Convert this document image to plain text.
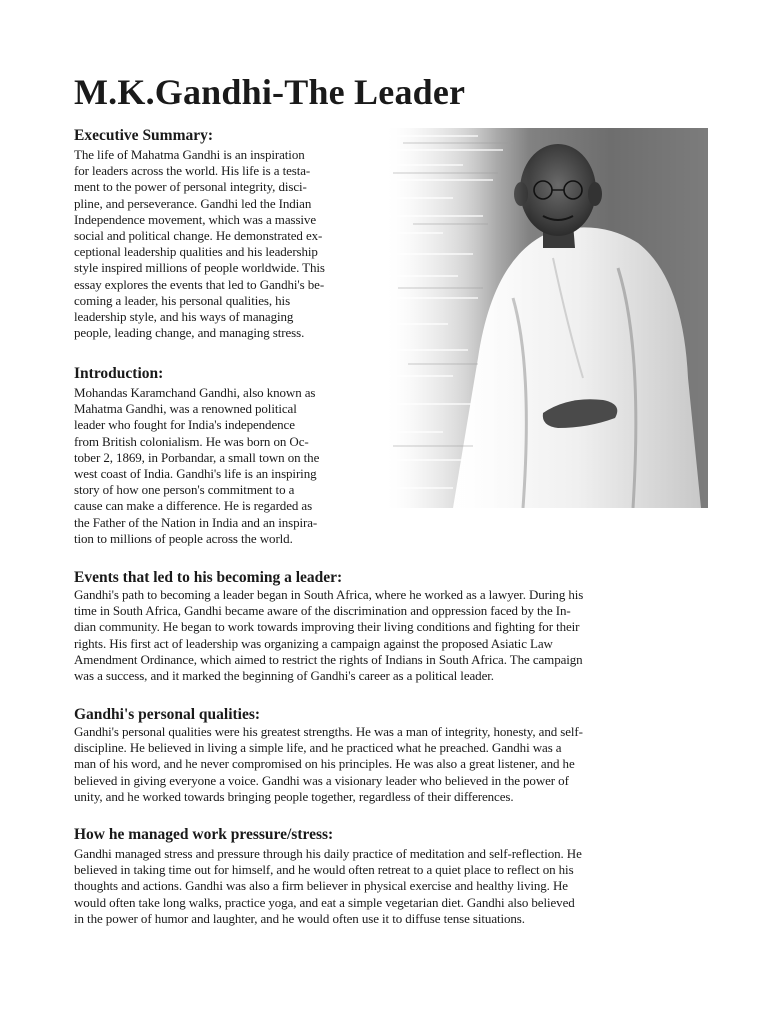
M.K.Gandhi-The Leader
Executive Summary:
The life of Mahatma Gandhi is an inspiration
for leaders across the world. His life is a testa-
ment to the power of personal integrity, disci-
pline, and perseverance. Gandhi led the Indian
Independence movement, which was a massive
social and political change. He demonstrated ex-
ceptional leadership qualities and his leadership
style inspired millions of people worldwide. This
essay explores the events that led to Gandhi's be-
coming a leader, his personal qualities, his
leadership style, and his ways of managing
people, leading change, and managing stress.
Introduction:
Mohandas Karamchand Gandhi, also known as
Mahatma Gandhi, was a renowned political
leader who fought for India's independence
from British colonialism. He was born on Oc-
tober 2, 1869, in Porbandar, a small town on the
west coast of India. Gandhi's life is an inspiring
story of how one person's commitment to a
cause can make a difference. He is regarded as
the Father of the Nation in India and an inspira-
tion to millions of people across the world.
Events that led to his becoming a leader:
Gandhi's path to becoming a leader began in South Africa, where he worked as a lawyer. During his
time in South Africa, Gandhi became aware of the discrimination and oppression faced by the In-
dian community. He began to work towards improving their living conditions and fighting for their
rights. His first act of leadership was organizing a campaign against the proposed Asiatic Law
Amendment Ordinance, which aimed to restrict the rights of Indians in South Africa. The campaign
was a success, and it marked the beginning of Gandhi's career as a political leader.
Gandhi's personal qualities:
Gandhi's personal qualities were his greatest strengths. He was a man of integrity, honesty, and self-
discipline. He believed in living a simple life, and he practiced what he preached. Gandhi was a
man of his word, and he never compromised on his principles. He was also a great listener, and he
believed in giving everyone a voice. Gandhi was a visionary leader who believed in the power of
unity, and he worked towards bringing people together, regardless of their differences.
How he managed work pressure/stress:
Gandhi managed stress and pressure through his daily practice of meditation and self-reflection. He
believed in taking time out for himself, and he would often retreat to a quiet place to reflect on his
thoughts and actions. Gandhi was also a firm believer in physical exercise and healthy living. He
would often take long walks, practice yoga, and eat a simple vegetarian diet. Gandhi also believed
in the power of humor and laughter, and he would often use it to diffuse tense situations.
